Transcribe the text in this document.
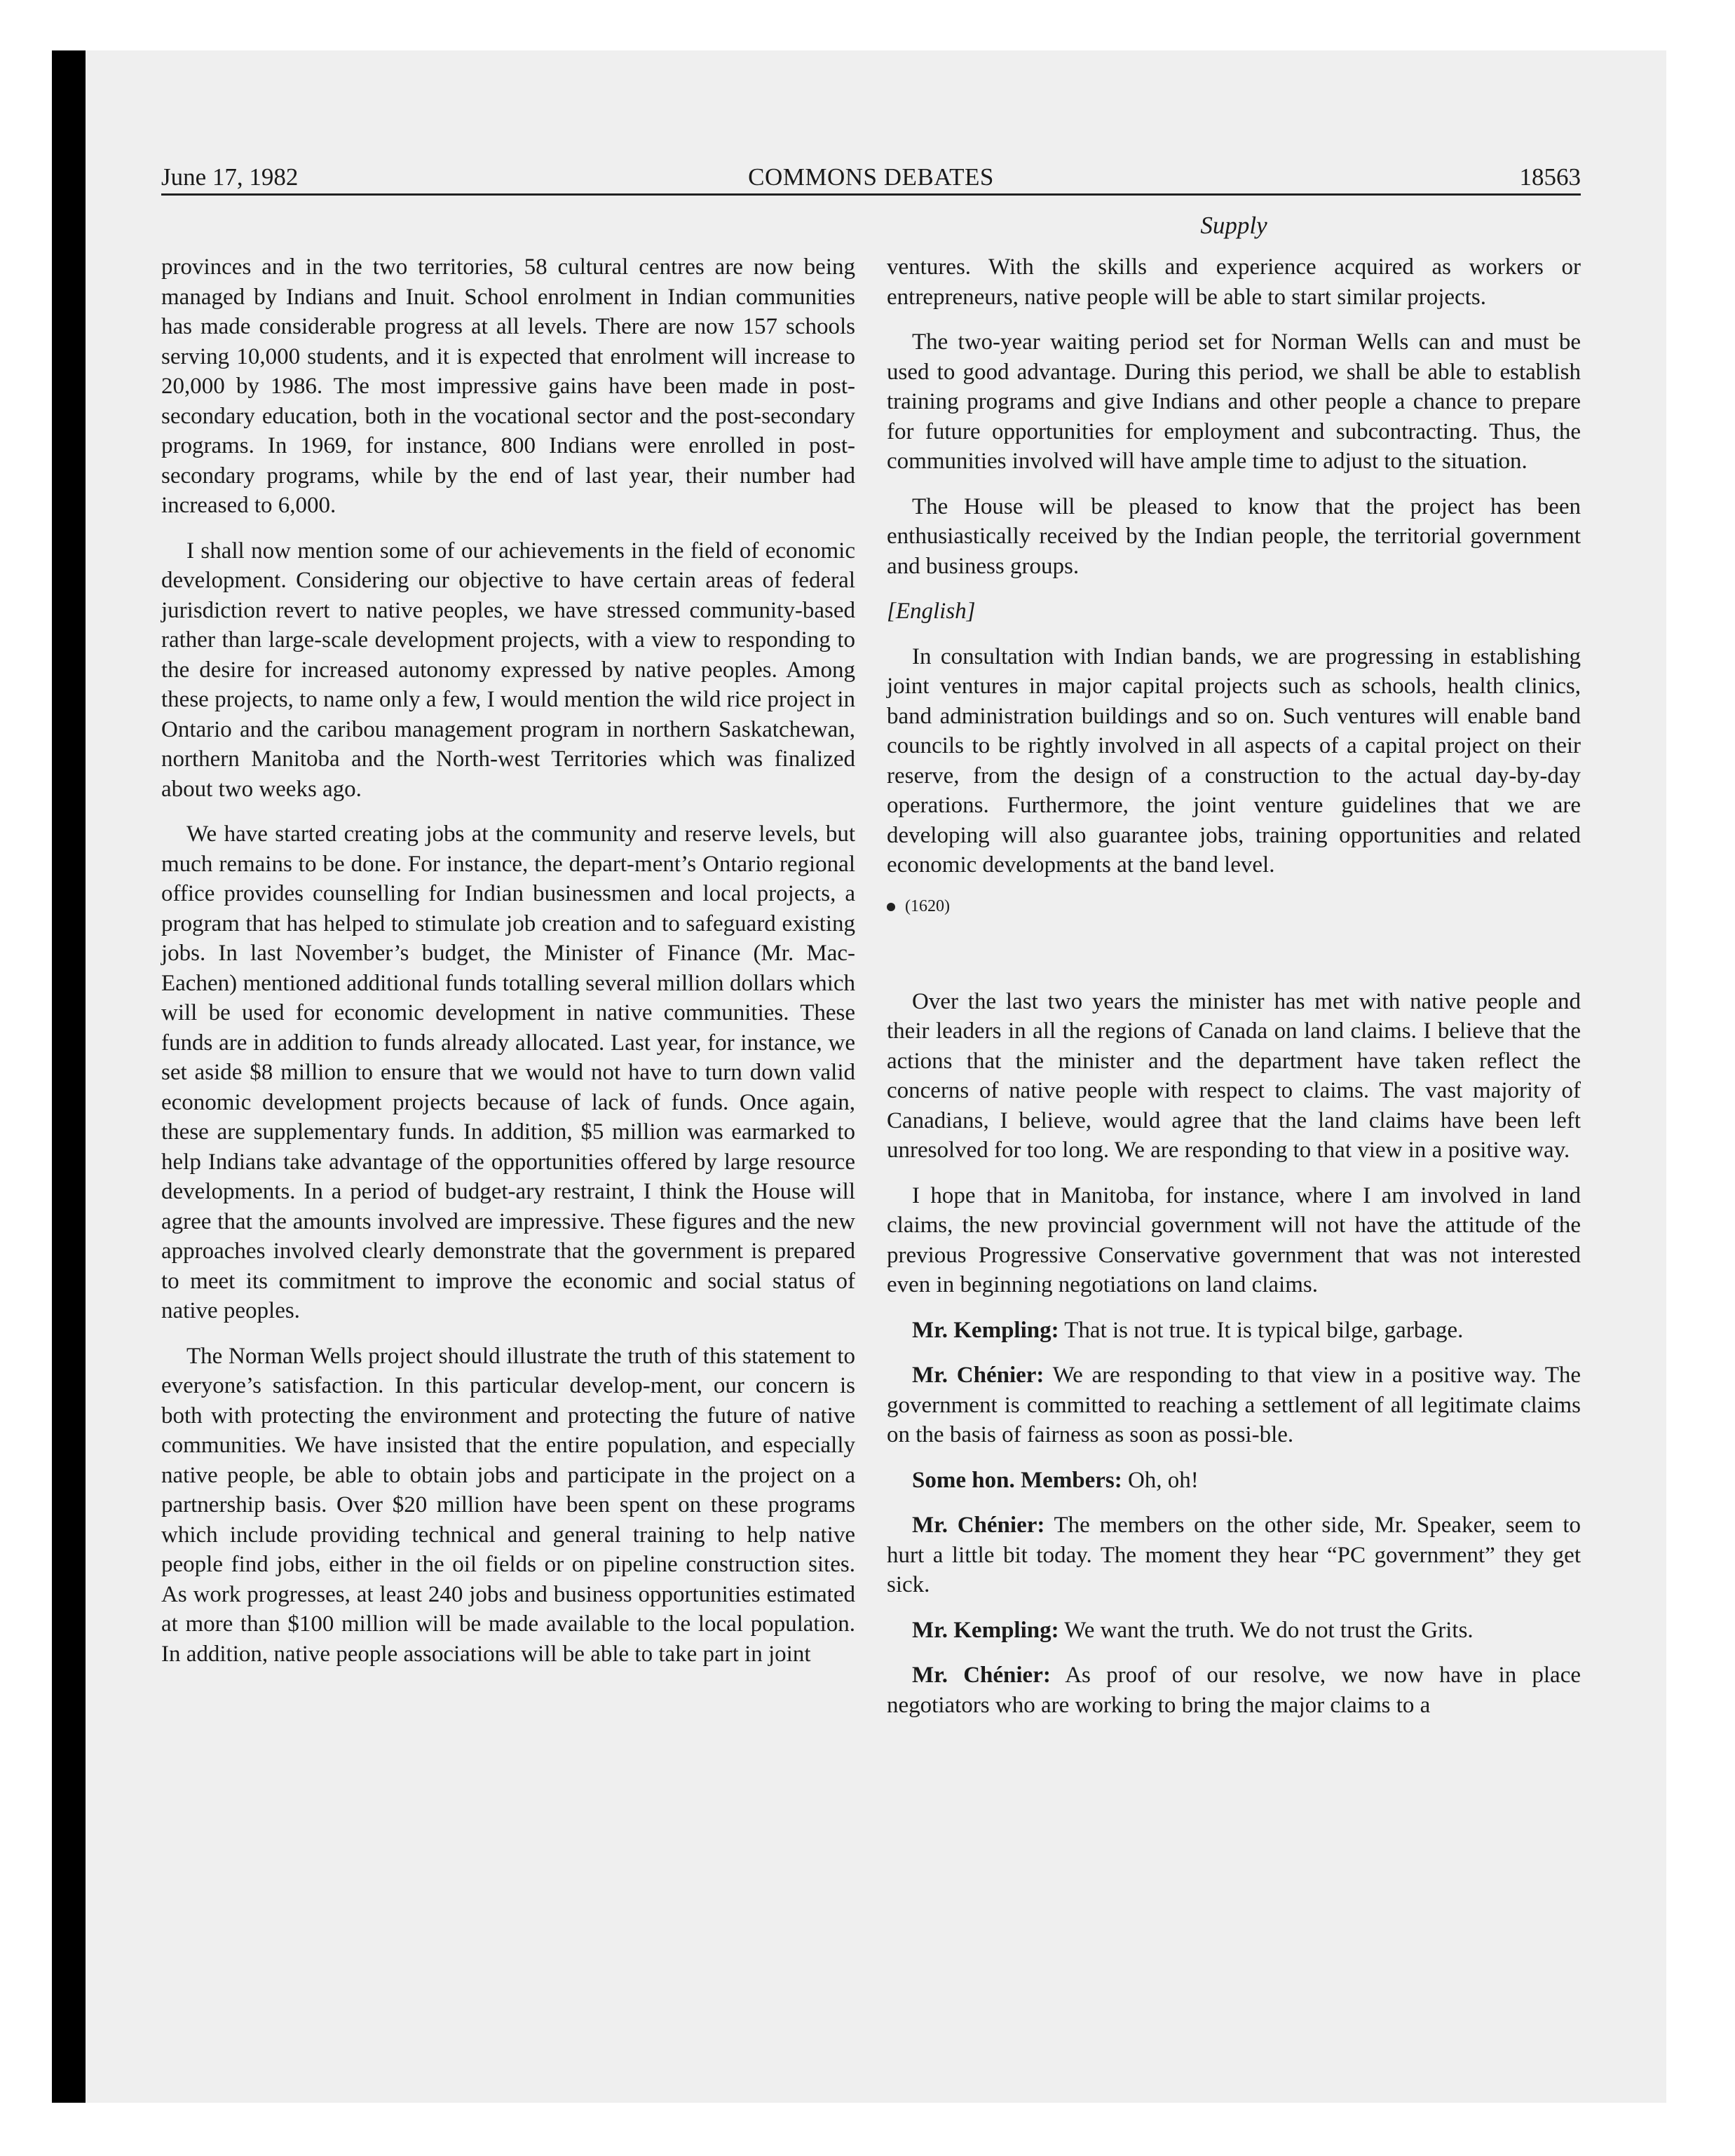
June 17, 1982	COMMONS DEBATES	18563
Supply

provinces and in the two territories, 58 cultural centres are now being managed by Indians and Inuit. School enrolment in Indian communities has made considerable progress at all levels. There are now 157 schools serving 10,000 students, and it is expected that enrolment will increase to 20,000 by 1986. The most impressive gains have been made in post-secondary education, both in the vocational sector and the post-secondary programs. In 1969, for instance, 800 Indians were enrolled in post-secondary programs, while by the end of last year, their number had increased to 6,000.

I shall now mention some of our achievements in the field of economic development. Considering our objective to have certain areas of federal jurisdiction revert to native peoples, we have stressed community-based rather than large-scale development projects, with a view to responding to the desire for increased autonomy expressed by native peoples. Among these projects, to name only a few, I would mention the wild rice project in Ontario and the caribou management program in northern Saskatchewan, northern Manitoba and the North-west Territories which was finalized about two weeks ago.

We have started creating jobs at the community and reserve levels, but much remains to be done. For instance, the depart-ment’s Ontario regional office provides counselling for Indian businessmen and local projects, a program that has helped to stimulate job creation and to safeguard existing jobs. In last November’s budget, the Minister of Finance (Mr. Mac-Eachen) mentioned additional funds totalling several million dollars which will be used for economic development in native communities. These funds are in addition to funds already allocated. Last year, for instance, we set aside $8 million to ensure that we would not have to turn down valid economic development projects because of lack of funds. Once again, these are supplementary funds. In addition, $5 million was earmarked to help Indians take advantage of the opportunities offered by large resource developments. In a period of budget-ary restraint, I think the House will agree that the amounts involved are impressive. These figures and the new approaches involved clearly demonstrate that the government is prepared to meet its commitment to improve the economic and social status of native peoples.

The Norman Wells project should illustrate the truth of this statement to everyone’s satisfaction. In this particular develop-ment, our concern is both with protecting the environment and protecting the future of native communities. We have insisted that the entire population, and especially native people, be able to obtain jobs and participate in the project on a partnership basis. Over $20 million have been spent on these programs which include providing technical and general training to help native people find jobs, either in the oil fields or on pipeline construction sites. As work progresses, at least 240 jobs and business opportunities estimated at more than $100 million will be made available to the local population. In addition, native people associations will be able to take part in joint

ventures. With the skills and experience acquired as workers or entrepreneurs, native people will be able to start similar projects.

The two-year waiting period set for Norman Wells can and must be used to good advantage. During this period, we shall be able to establish training programs and give Indians and other people a chance to prepare for future opportunities for employment and subcontracting. Thus, the communities involved will have ample time to adjust to the situation.

The House will be pleased to know that the project has been enthusiastically received by the Indian people, the territorial government and business groups.

[English]

In consultation with Indian bands, we are progressing in establishing joint ventures in major capital projects such as schools, health clinics, band administration buildings and so on. Such ventures will enable band councils to be rightly involved in all aspects of a capital project on their reserve, from the design of a construction to the actual day-by-day operations. Furthermore, the joint venture guidelines that we are developing will also guarantee jobs, training opportunities and related economic developments at the band level.

(1620)

Over the last two years the minister has met with native people and their leaders in all the regions of Canada on land claims. I believe that the actions that the minister and the department have taken reflect the concerns of native people with respect to claims. The vast majority of Canadians, I believe, would agree that the land claims have been left unresolved for too long. We are responding to that view in a positive way.

I hope that in Manitoba, for instance, where I am involved in land claims, the new provincial government will not have the attitude of the previous Progressive Conservative government that was not interested even in beginning negotiations on land claims.

Mr. Kempling: That is not true. It is typical bilge, garbage.

Mr. Chénier: We are responding to that view in a positive way. The government is committed to reaching a settlement of all legitimate claims on the basis of fairness as soon as possi-ble.

Some hon. Members: Oh, oh!

Mr. Chénier: The members on the other side, Mr. Speaker, seem to hurt a little bit today. The moment they hear “PC government” they get sick.

Mr. Kempling: We want the truth. We do not trust the Grits.

Mr. Chénier: As proof of our resolve, we now have in place negotiators who are working to bring the major claims to a
